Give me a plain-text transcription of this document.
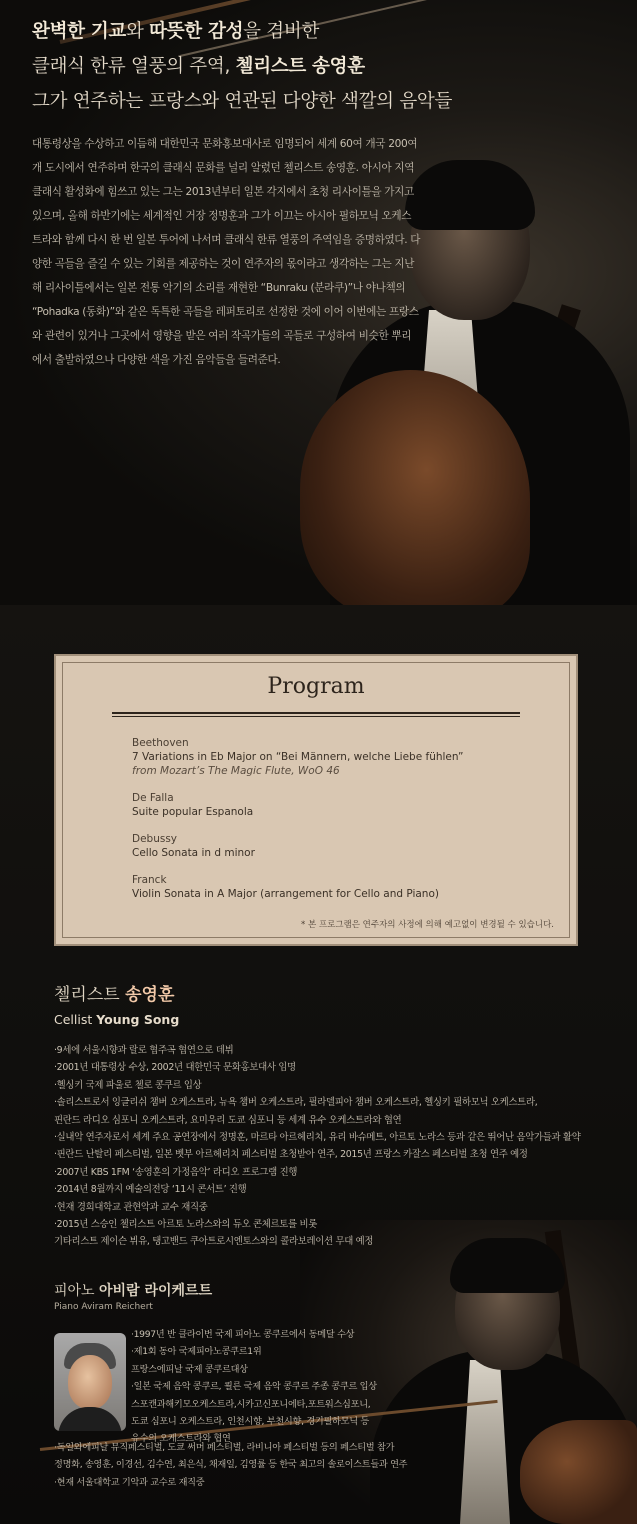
완벽한 기교와 따뜻한 감성을 겸비한
클래식 한류 열풍의 주역, 첼리스트 송영훈
그가 연주하는 프랑스와 연관된 다양한 색깔의 음악들

대통령상을 수상하고 이듬해 대한민국 문화홍보대사로 임명되어 세계 60여 개국 200여

개 도시에서 연주하며 한국의 클래식 문화를 널리 알렸던 첼리스트 송영훈. 아시아 지역

클래식 활성화에 힘쓰고 있는 그는 2013년부터 일본 각지에서 초청 리사이틀을 가지고

있으며, 올해 하반기에는 세계적인 거장 정명훈과 그가 이끄는 아시아 필하모닉 오케스

트라와 함께 다시 한 번 일본 투어에 나서며 클래식 한류 열풍의 주역임을 증명하였다. 다

양한 곡들을 즐길 수 있는 기회를 제공하는 것이 연주자의 몫이라고 생각하는 그는 지난

해 리사이틀에서는 일본 전통 악기의 소리를 재현한 “Bunraku (분라쿠)”나 야나첵의

“Pohadka (동화)”와 같은 독특한 곡들을 레퍼토리로 선정한 것에 이어 이번에는 프랑스

와 관련이 있거나 그곳에서 영향을 받은 여러 작곡가들의 곡들로 구성하여 비슷한 뿌리

에서 출발하였으나 다양한 색을 가진 음악들을 들려준다.

Program
Beethoven
7 Variations in Eb Major on “Bei Männern, welche Liebe fühlen”
from Mozart’s The Magic Flute, WoO 46
De Falla
Suite popular Espanola
Debussy
Cello Sonata in d minor
Franck
Violin Sonata in A Major (arrangement for Cello and Piano)
* 본 프로그램은 연주자의 사정에 의해 예고없이 변경될 수 있습니다.
첼리스트 송영훈
Cellist Young Song

·9세에 서울시향과 랄로 협주곡 협연으로 데뷔

·2001년 대통령상 수상, 2002년 대한민국 문화홍보대사 임명

·헬싱키 국제 파울로 첼로 콩쿠르 입상

·솔리스트로서 잉글리쉬 챔버 오케스트라, 뉴욕 챔버 오케스트라, 필라델피아 챔버 오케스트라, 헬싱키 필하모닉 오케스트라,

핀란드 라디오 심포니 오케스트라, 요미우리 도쿄 심포니 등 세계 유수 오케스트라와 협연

·실내악 연주자로서 세계 주요 공연장에서 정명훈, 마르타 아르헤리치, 유리 바슈메트, 아르토 노라스 등과 같은 뛰어난 음악가들과 활약

·핀란드 난탈리 페스티벌, 일본 벳부 아르헤리치 페스티벌 초청받아 연주, 2015년 프랑스 카잘스 페스티벌 초청 연주 예정

·2007년 KBS 1FM ‘송영훈의 가정음악’ 라디오 프로그램 진행

·2014년 8월까지 예술의전당 ‘11시 콘서트’ 진행

·현재 경희대학교 관현악과 교수 재직중

·2015년 스승인 첼리스트 아르토 노라스와의 듀오 콘체르토를 비롯

기타리스트 제이슨 뷔유, 탱고밴드 쿠아트로시엔토스와의 콜라보레이션 무대 예정

피아노 아비람 라이케르트
Piano Aviram Reichert

·1997년 반 클라이번 국제 피아노 콩쿠르에서 동메달 수상

·제1회 동아 국제피아노콩쿠르1위

프랑스에피날 국제 콩쿠르대상

·일본 국제 음악 콩쿠르, 쾰른 국제 음악 콩쿠르 주종 콩쿠르 입상

스포캔과해키모오케스트라,시카고신포니에타,포트워스심포니,

도쿄 심포니 오케스트라, 인천시향, 부천시향, 경기필하모닉 등

유수의 오케스트라와 협연

·독일와에피날 뮤직페스티벌, 도쿄 써머 페스티벌, 라비니아 페스티벌 등의 페스티벌 참가

정명화, 송영훈, 이경선, 김수연, 최은식, 채재일, 김영률 등 한국 최고의 솔로이스트들과 연주

·현재 서울대학교 기악과 교수로 재직중
